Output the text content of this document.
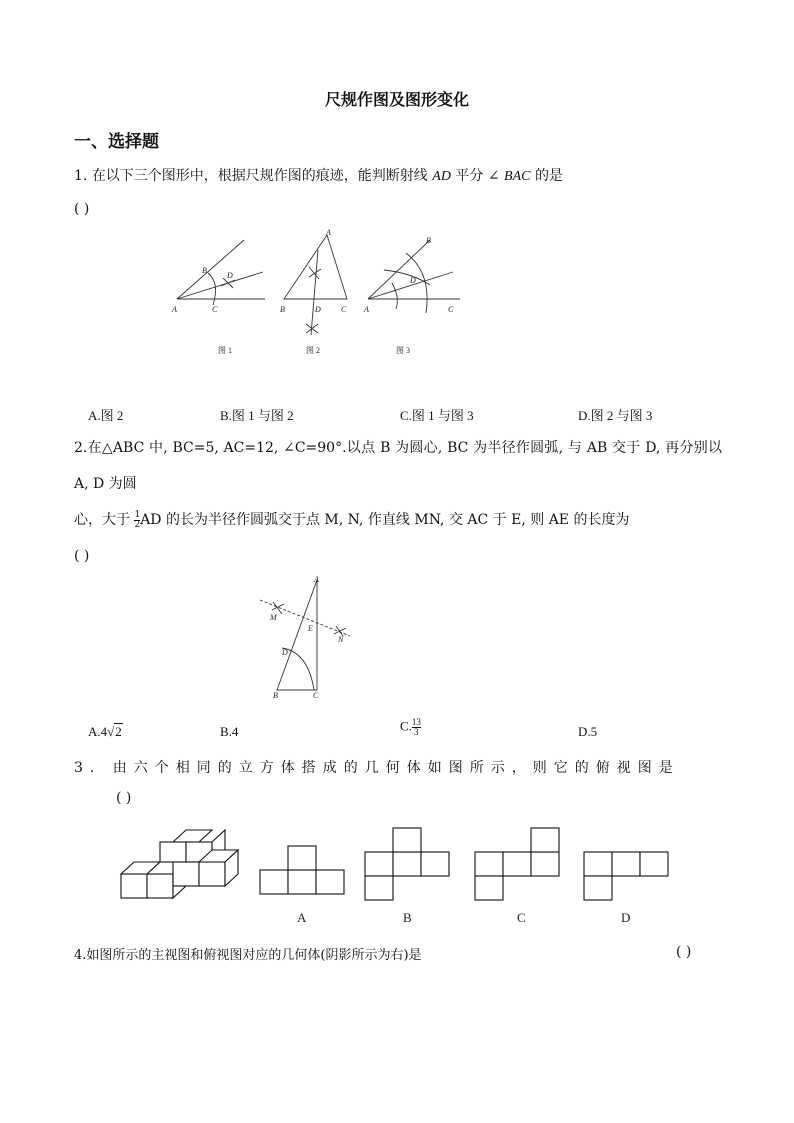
尺规作图及图形变化
一、选择题
1. 在以下三个图形中，根据尺规作图的痕迹，能判断射线 AD 平分 ∠ BAC 的是
( )
A	C
B
D
A
B	D	C A	C
B
D
图 1	图 2	图 3
A.图 2	B.图 1 与图 2	C.图 1 与图 3	D.图 2 与图 3
2.在△ABC 中, BC=5, AC=12, ∠C=90°.以点 B 为圆心, BC 为半径作圆弧, 与 AB 交于 D, 再分别以 A, D 为圆
心，大于 $\frac{1}{2}$ AD 的长为半径作圆弧交于点 M, N, 作直线 MN, 交 AC 于 E, 则 AE 的长度为
( )
A
B	C
D
E
M
N
A.4√2	B.4	C. $\frac{13}{3}$	D.5
3. 由六个相同的立方体搭成的几何体如图所示，则它的俯视图是
( )
A	B	C	D
4.如图所示的主视图和俯视图对应的几何体(阴影所示为右)是	( )
